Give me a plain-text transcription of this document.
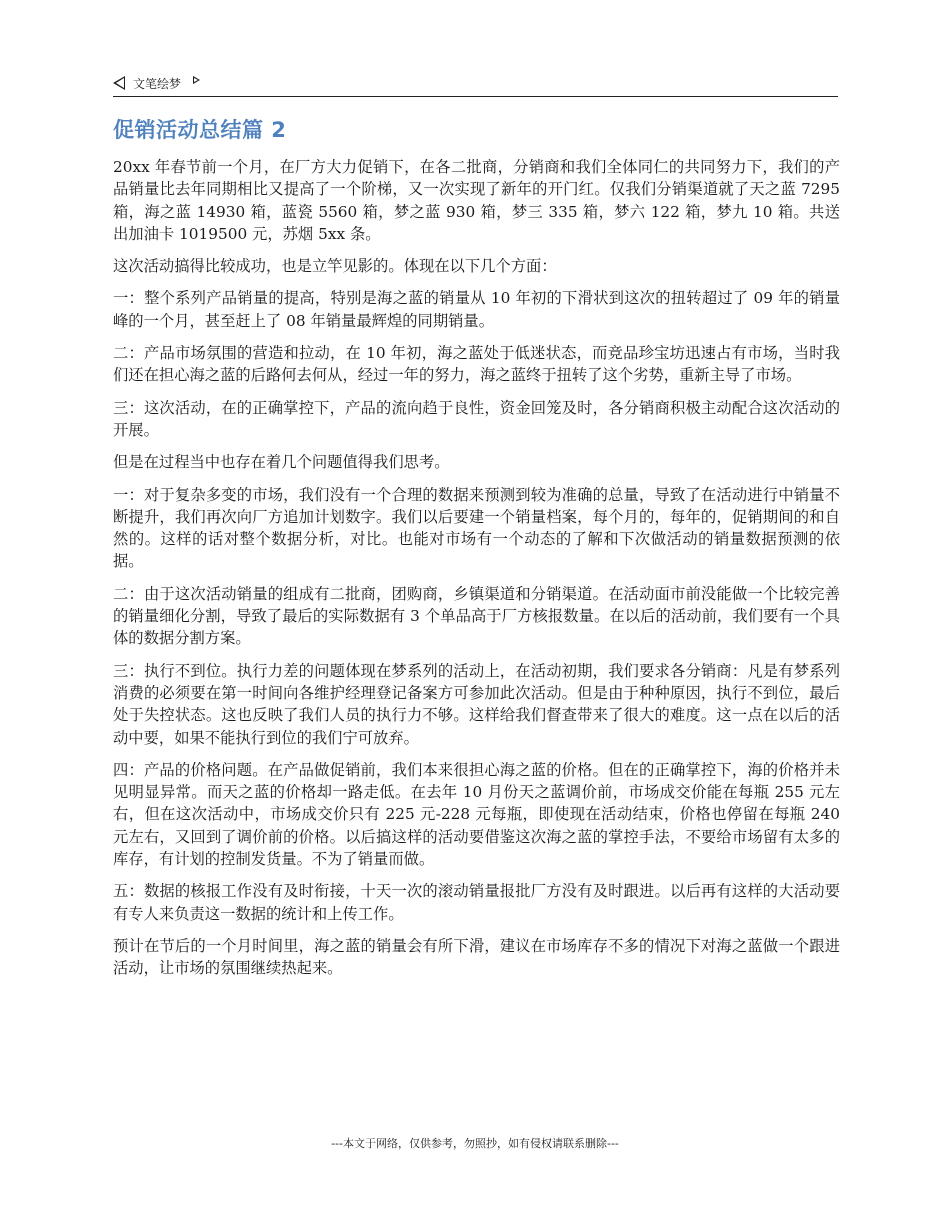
文笔绘梦
促销活动总结篇 2

20xx 年春节前一个月，在厂方大力促销下，在各二批商，分销商和我们全体同仁的共同努力下，我们的产品销量比去年同期相比又提高了一个阶梯，又一次实现了新年的开门红。仅我们分销渠道就了天之蓝 7295 箱，海之蓝 14930 箱，蓝瓷 5560 箱，梦之蓝 930 箱，梦三 335 箱，梦六 122 箱，梦九 10 箱。共送出加油卡 1019500 元，苏烟 5xx 条。

这次活动搞得比较成功，也是立竿见影的。体现在以下几个方面：

一：整个系列产品销量的提高，特别是海之蓝的销量从 10 年初的下滑状到这次的扭转超过了 09 年的销量峰的一个月，甚至赶上了 08 年销量最辉煌的同期销量。

二：产品市场氛围的营造和拉动，在 10 年初，海之蓝处于低迷状态，而竞品珍宝坊迅速占有市场，当时我们还在担心海之蓝的后路何去何从，经过一年的努力，海之蓝终于扭转了这个劣势，重新主导了市场。

三：这次活动，在的正确掌控下，产品的流向趋于良性，资金回笼及时，各分销商积极主动配合这次活动的开展。

但是在过程当中也存在着几个问题值得我们思考。

一：对于复杂多变的市场，我们没有一个合理的数据来预测到较为准确的总量，导致了在活动进行中销量不断提升，我们再次向厂方追加计划数字。我们以后要建一个销量档案，每个月的，每年的，促销期间的和自然的。这样的话对整个数据分析，对比。也能对市场有一个动态的了解和下次做活动的销量数据预测的依据。

二：由于这次活动销量的组成有二批商，团购商，乡镇渠道和分销渠道。在活动面市前没能做一个比较完善的销量细化分割，导致了最后的实际数据有 3 个单品高于厂方核报数量。在以后的活动前，我们要有一个具体的数据分割方案。

三：执行不到位。执行力差的问题体现在梦系列的活动上，在活动初期，我们要求各分销商：凡是有梦系列消费的必须要在第一时间向各维护经理登记备案方可参加此次活动。但是由于种种原因，执行不到位，最后处于失控状态。这也反映了我们人员的执行力不够。这样给我们督查带来了很大的难度。这一点在以后的活动中要，如果不能执行到位的我们宁可放弃。

四：产品的价格问题。在产品做促销前，我们本来很担心海之蓝的价格。但在的正确掌控下，海的价格并未见明显异常。而天之蓝的价格却一路走低。在去年 10 月份天之蓝调价前，市场成交价能在每瓶 255 元左右，但在这次活动中，市场成交价只有 225 元-228 元每瓶，即使现在活动结束，价格也停留在每瓶 240 元左右，又回到了调价前的价格。以后搞这样的活动要借鉴这次海之蓝的掌控手法，不要给市场留有太多的库存，有计划的控制发货量。不为了销量而做。

五：数据的核报工作没有及时衔接，十天一次的滚动销量报批厂方没有及时跟进。以后再有这样的大活动要有专人来负责这一数据的统计和上传工作。

预计在节后的一个月时间里，海之蓝的销量会有所下滑，建议在市场库存不多的情况下对海之蓝做一个跟进活动，让市场的氛围继续热起来。

---本文于网络，仅供参考，勿照抄，如有侵权请联系删除---
